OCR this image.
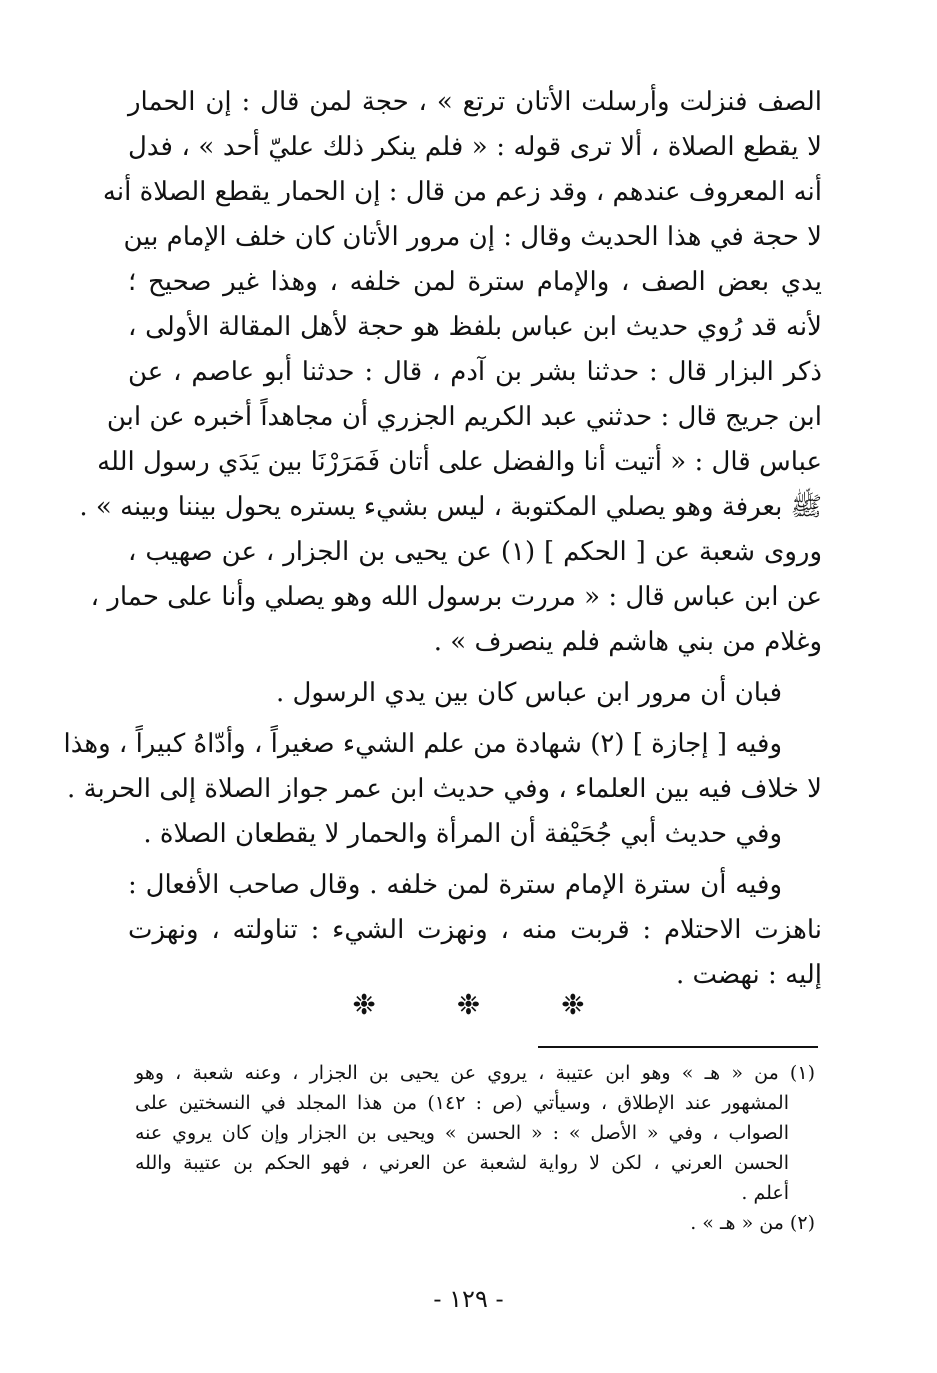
الصف فنزلت وأرسلت الأتان ترتع » ، حجة لمن قال : إن الحمار
لا يقطع الصلاة ، ألا ترى قوله : « فلم ينكر ذلك عليّ أحد » ، فدل
أنه المعروف عندهم ، وقد زعم من قال : إن الحمار يقطع الصلاة أنه
لا حجة في هذا الحديث وقال : إن مرور الأتان كان خلف الإمام بين
يدي بعض الصف ، والإمام سترة لمن خلفه ، وهذا غير صحيح ؛
لأنه قد رُوي حديث ابن عباس بلفظ هو حجة لأهل المقالة الأولى ،
ذكر البزار قال : حدثنا بشر بن آدم ، قال : حدثنا أبو عاصم ، عن
ابن جريج قال : حدثني عبد الكريم الجزري أن مجاهداً أخبره عن ابن
عباس قال : « أتيت أنا والفضل على أتان فَمَرَرْنَا بين يَدَي رسول الله
ﷺ بعرفة وهو يصلي المكتوبة ، ليس بشيء يستره يحول بيننا وبينه » .
وروى شعبة عن [ الحكم ] (١) عن يحيى بن الجزار ، عن صهيب ،
عن ابن عباس قال : « مررت برسول الله وهو يصلي وأنا على حمار ،
وغلام من بني هاشم فلم ينصرف » .
فبان أن مرور ابن عباس كان بين يدي الرسول .
وفيه [ إجازة ] (٢) شهادة من علم الشيء صغيراً ، وأدّاهُ كبيراً ، وهذا
لا خلاف فيه بين العلماء ، وفي حديث ابن عمر جواز الصلاة إلى الحربة .
وفي حديث أبي جُحَيْفة أن المرأة والحمار لا يقطعان الصلاة .
وفيه أن سترة الإمام سترة لمن خلفه . وقال صاحب الأفعال :
ناهزت الاحتلام : قربت منه ، ونهزت الشيء : تناولته ، ونهزت
إليه : نهضت .
❉ ❉ ❉
(١) من « هـ » وهو ابن عتيبة ، يروي عن يحيى بن الجزار ، وعنه شعبة ، وهو
المشهور عند الإطلاق ، وسيأتي (ص : ١٤٢) من هذا المجلد في النسختين على
الصواب ، وفي « الأصل » : « الحسن » ويحيى بن الجزار وإن كان يروي عنه
الحسن العرني ، لكن لا رواية لشعبة عن العرني ، فهو الحكم بن عتيبة والله
أعلم .
(٢) من « هـ » .
- ١٢٩ -
